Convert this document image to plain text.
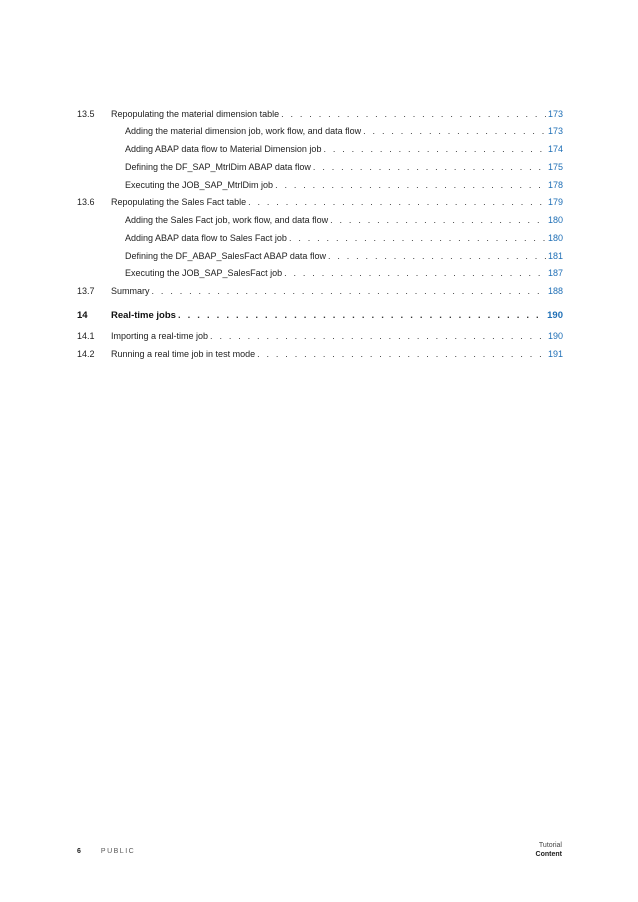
13.5	Repopulating the material dimension table . . .	173
Adding the material dimension job, work flow, and data flow . . .	173
Adding ABAP data flow to Material Dimension job . . .	174
Defining the DF_SAP_MtrlDim ABAP data flow . . .	175
Executing the JOB_SAP_MtrlDim job . . .	178
13.6	Repopulating the Sales Fact table . . .	179
Adding the Sales Fact job, work flow, and data flow . . .	180
Adding ABAP data flow to Sales Fact job . . .	180
Defining the DF_ABAP_SalesFact ABAP data flow . . .	181
Executing the JOB_SAP_SalesFact job . . .	187
13.7	Summary . . .	188
14	Real-time jobs . . .	190
14.1	Importing a real-time job . . .	190
14.2	Running a real time job in test mode . . .	191
6	PUBLIC
Tutorial
Content
